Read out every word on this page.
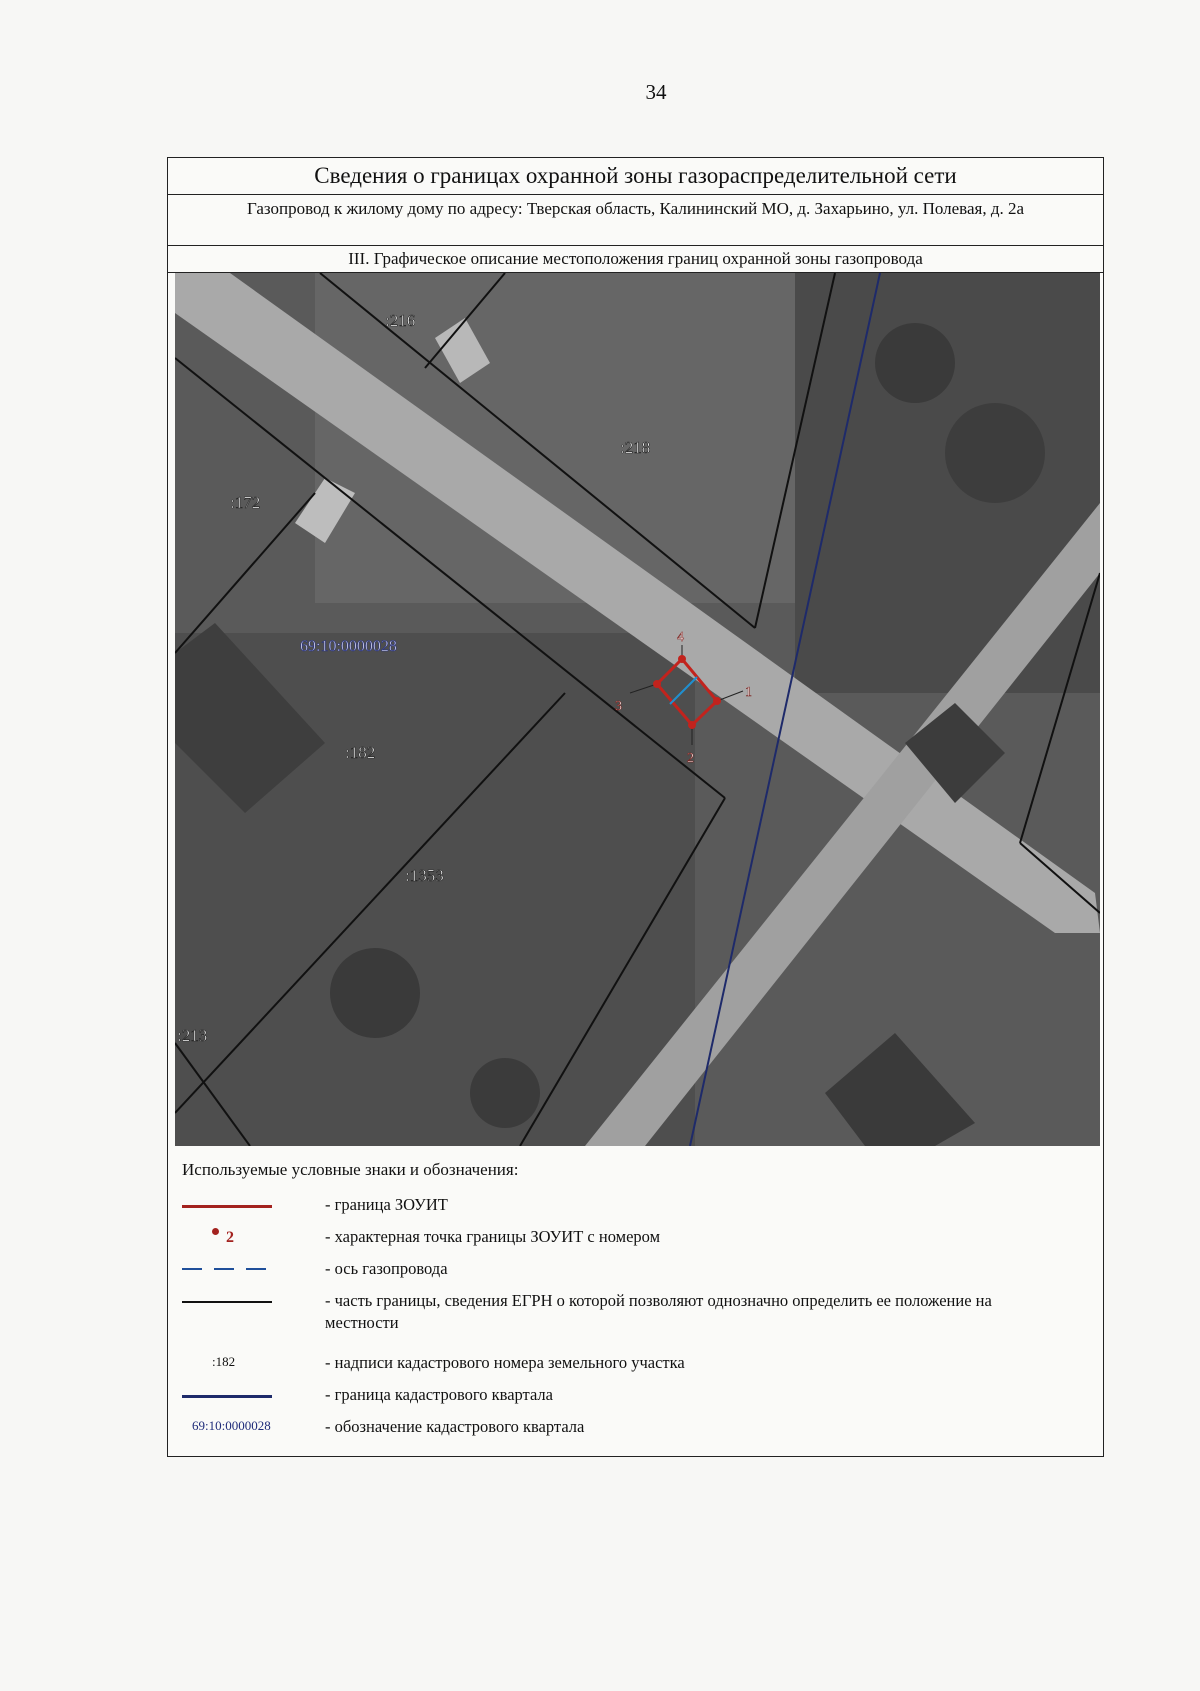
34
Сведения о границах охранной зоны газораспределительной сети
Газопровод к жилому дому по адресу: Тверская область, Калининский МО, д. Захарьино, ул. Полевая, д. 2а
III. Графическое описание местоположения границ охранной зоны газопровода
1
2
3
4
:216
:218
:172
:182
:1353
:213
69:10:0000028
Используемые условные знаки и обозначения:
- граница ЗОУИТ
2	- характерная точка границы ЗОУИТ с номером
- ось газопровода
- часть границы, сведения ЕГРН о которой позволяют однозначно определить ее положение на местности
:182	- надписи кадастрового номера земельного участка
- граница кадастрового квартала
69:10:0000028	- обозначение кадастрового квартала
